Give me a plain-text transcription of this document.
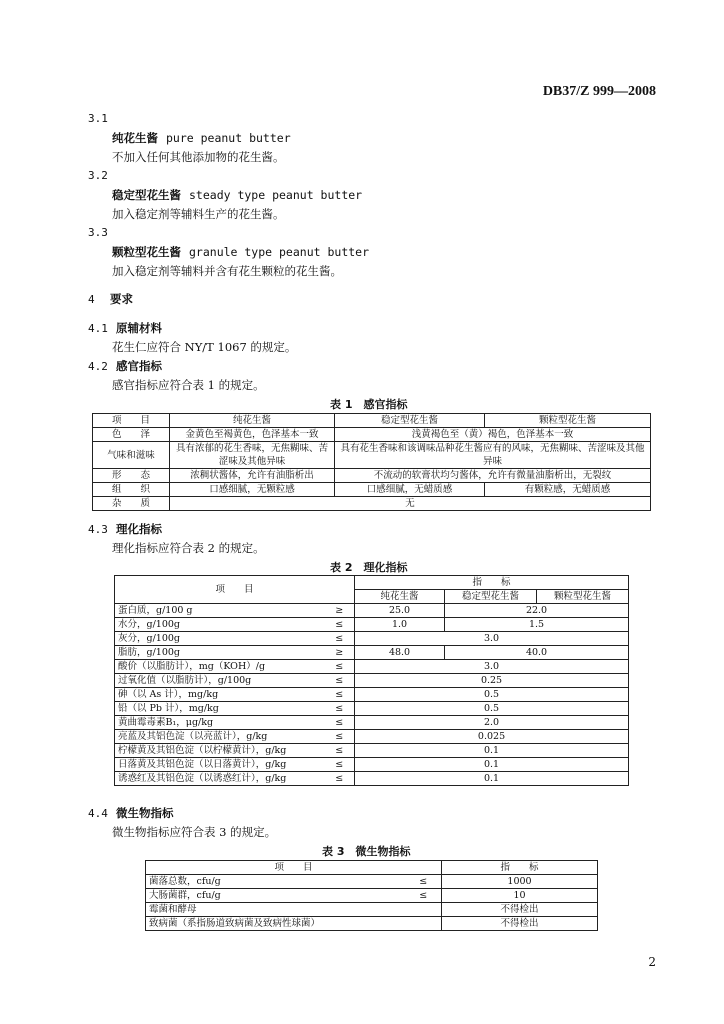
DB37/Z 999—2008
3.1
纯花生酱 pure peanut butter
不加入任何其他添加物的花生酱。
3.2
稳定型花生酱 steady type peanut butter
加入稳定剂等辅料生产的花生酱。
3.3
颗粒型花生酱 granule type peanut butter
加入稳定剂等辅料并含有花生颗粒的花生酱。
4 要求
4.1 原辅材料
花生仁应符合 NY/T 1067 的规定。
4.2 感官指标
感官指标应符合表 1 的规定。
表 1　感官指标
项　　目	纯花生酱	稳定型花生酱	颗粒型花生酱
色　　泽	金黄色至褐黄色，色泽基本一致	浅黄褐色至（黄）褐色，色泽基本一致	
气味和滋味	具有浓郁的花生香味，无焦糊味、苦涩味及其他异味	具有花生香味和该调味品种花生酱应有的风味，无焦糊味、苦涩味及其他异味	
形　　态	浓稠状酱体，允许有油脂析出	不流动的软膏状均匀酱体，允许有微量油脂析出，无裂纹	
组　　织	口感细腻，无颗粒感	口感细腻，无蜡质感	有颗粒感，无蜡质感
杂　　质	无		
4.3 理化指标
理化指标应符合表 2 的规定。
表 2　理化指标
项　　目		指　　标		
		纯花生酱	稳定型花生酱	颗粒型花生酱
蛋白质，g/100 g	≥	25.0	22.0	
水分，g/100g	≤	1.0	1.5	
灰分，g/100g	≤	3.0		
脂肪，g/100g	≥	48.0	40.0	
酸价（以脂肪计），mg（KOH）/g	≤	3.0		
过氧化值（以脂肪计），g/100g	≤	0.25		
砷（以 As 计），mg/kg	≤	0.5		
铅（以 Pb 计），mg/kg	≤	0.5		
黄曲霉毒素B₁，μg/kg	≤	2.0		
亮蓝及其铝色淀（以亮蓝计），g/kg	≤	0.025		
柠檬黄及其铝色淀（以柠檬黄计），g/kg	≤	0.1		
日落黄及其铝色淀（以日落黄计），g/kg	≤	0.1		
诱惑红及其铝色淀（以诱惑红计），g/kg	≤	0.1		
4.4 微生物指标
微生物指标应符合表 3 的规定。
表 3　微生物指标
项　　目		指　　标
菌落总数，cfu/g	≤	1000
大肠菌群，cfu/g	≤	10
霉菌和酵母		不得检出
致病菌（系指肠道致病菌及致病性球菌）		不得检出
2
